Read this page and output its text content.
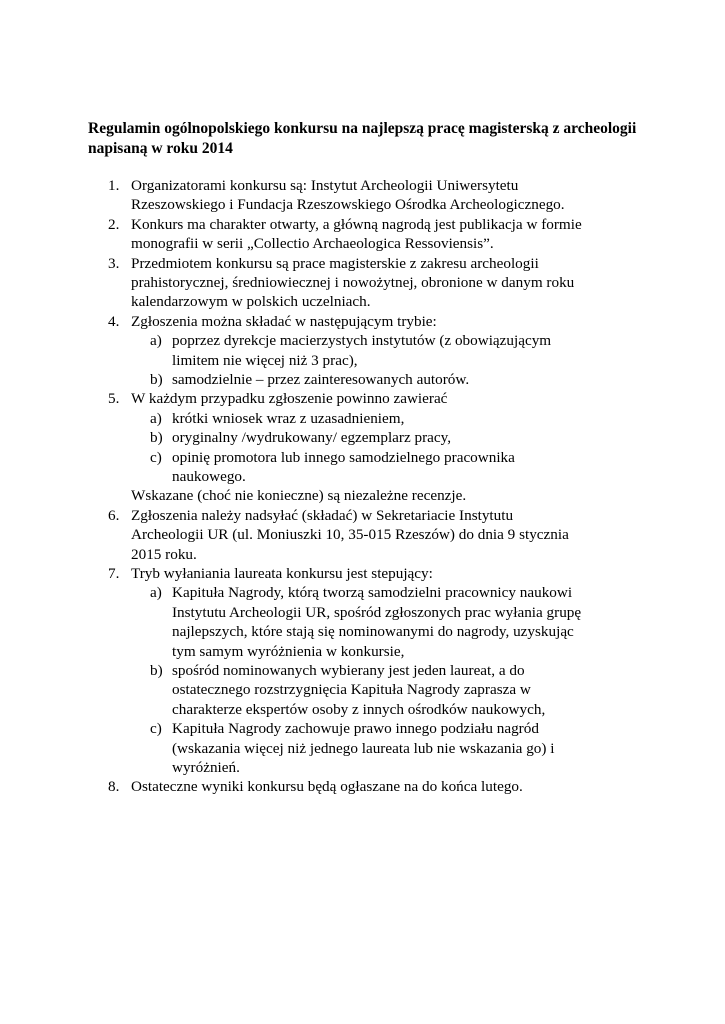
Regulamin ogólnopolskiego konkursu na najlepszą pracę magisterską z archeologii napisaną w roku 2014
1. Organizatorami konkursu są: Instytut Archeologii Uniwersytetu
Rzeszowskiego i Fundacja Rzeszowskiego Ośrodka Archeologicznego.
2. Konkurs ma charakter otwarty, a główną nagrodą jest publikacja w formie
monografii w serii „Collectio Archaeologica Ressoviensis”.
3. Przedmiotem konkursu są prace magisterskie z zakresu archeologii
prahistorycznej, średniowiecznej i nowożytnej, obronione w danym roku
kalendarzowym w polskich uczelniach.
4. Zgłoszenia można składać w następującym trybie:
a) poprzez dyrekcje macierzystych instytutów (z obowiązującym
limitem nie więcej niż 3 prac),
b) samodzielnie – przez zainteresowanych autorów.
5. W każdym przypadku zgłoszenie powinno zawierać
a) krótki wniosek wraz z uzasadnieniem,
b) oryginalny /wydrukowany/ egzemplarz pracy,
c) opinię promotora lub innego samodzielnego pracownika
naukowego.
Wskazane (choć nie konieczne) są niezależne recenzje.
6. Zgłoszenia należy nadsyłać (składać) w Sekretariacie Instytutu
Archeologii UR (ul. Moniuszki 10, 35-015 Rzeszów) do dnia 9 stycznia
2015 roku.
7. Tryb wyłaniania laureata konkursu jest stepujący:
a) Kapituła Nagrody, którą tworzą samodzielni pracownicy naukowi
Instytutu Archeologii UR, spośród zgłoszonych prac wyłania grupę
najlepszych, które stają się nominowanymi do nagrody, uzyskując
tym samym wyróżnienia w konkursie,
b) spośród nominowanych wybierany jest jeden laureat, a do
ostatecznego rozstrzygnięcia Kapituła Nagrody zaprasza w
charakterze ekspertów osoby z innych ośrodków naukowych,
c) Kapituła Nagrody zachowuje prawo innego podziału nagród
(wskazania więcej niż jednego laureata lub nie wskazania go) i
wyróżnień.
8. Ostateczne wyniki konkursu będą ogłaszane na do końca lutego.
